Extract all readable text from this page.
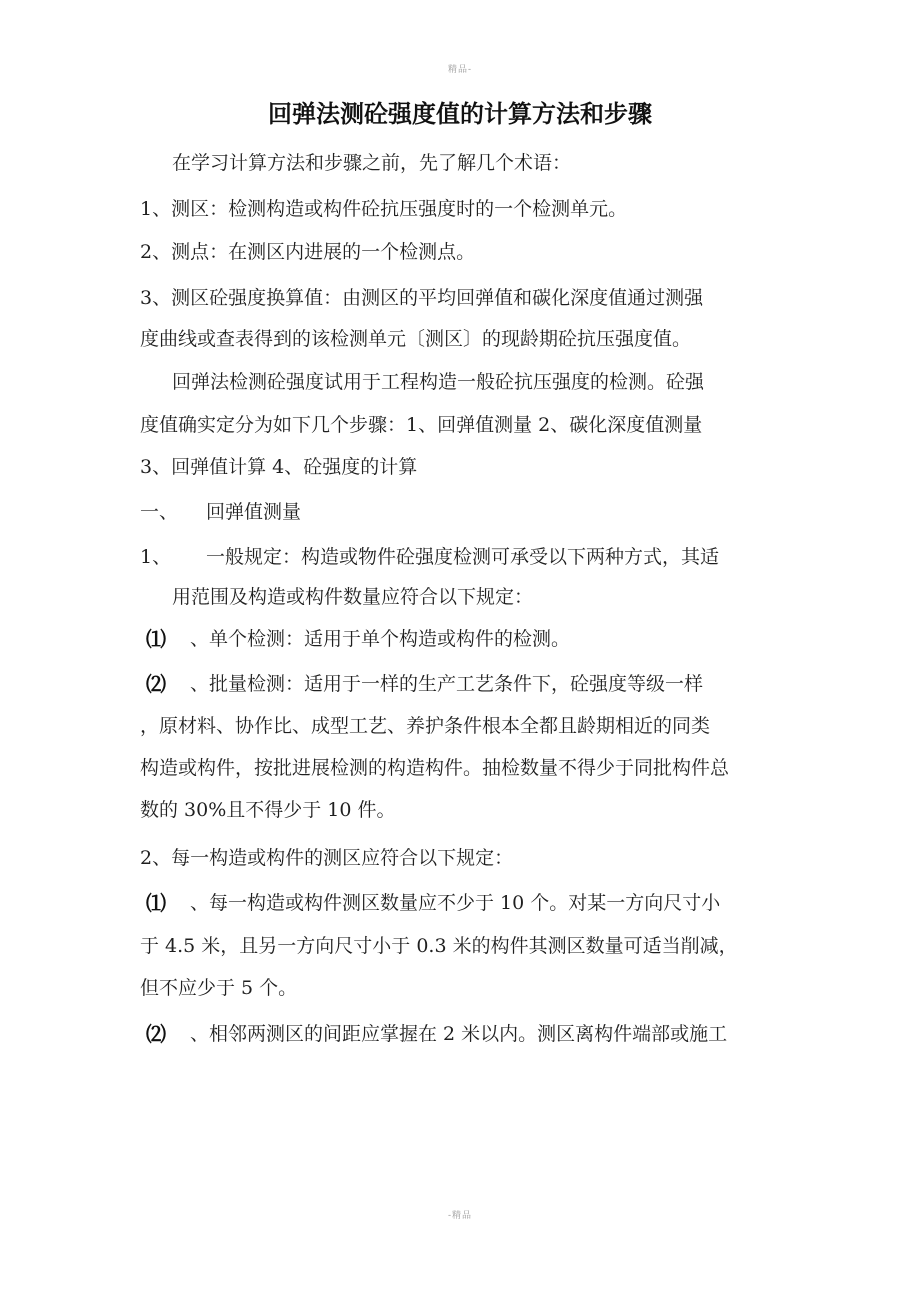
精品-
回弹法测砼强度值的计算方法和步骤
在学习计算方法和步骤之前，先了解几个术语：
1、测区：检测构造或构件砼抗压强度时的一个检测单元。
2、测点：在测区内进展的一个检测点。
3、测区砼强度换算值：由测区的平均回弹值和碳化深度值通过测强
度曲线或查表得到的该检测单元〔测区〕的现龄期砼抗压强度值。
回弹法检测砼强度试用于工程构造一般砼抗压强度的检测。砼强
度值确实定分为如下几个步骤：1、回弹值测量 2、碳化深度值测量
3、回弹值计算 4、砼强度的计算
一、 回弹值测量
1、 一般规定：构造或物件砼强度检测可承受以下两种方式，其适
用范围及构造或构件数量应符合以下规定：
⑴ 、单个检测：适用于单个构造或构件的检测。
⑵ 、批量检测：适用于一样的生产工艺条件下，砼强度等级一样
，原材料、协作比、成型工艺、养护条件根本全都且龄期相近的同类
构造或构件，按批进展检测的构造构件。抽检数量不得少于同批构件总
数的 30%且不得少于 10 件。
2、每一构造或构件的测区应符合以下规定：
⑴ 、每一构造或构件测区数量应不少于 10 个。对某一方向尺寸小
于 4.5 米，且另一方向尺寸小于 0.3 米的构件其测区数量可适当削减，
但不应少于 5 个。
⑵ 、相邻两测区的间距应掌握在 2 米以内。测区离构件端部或施工
-精品
